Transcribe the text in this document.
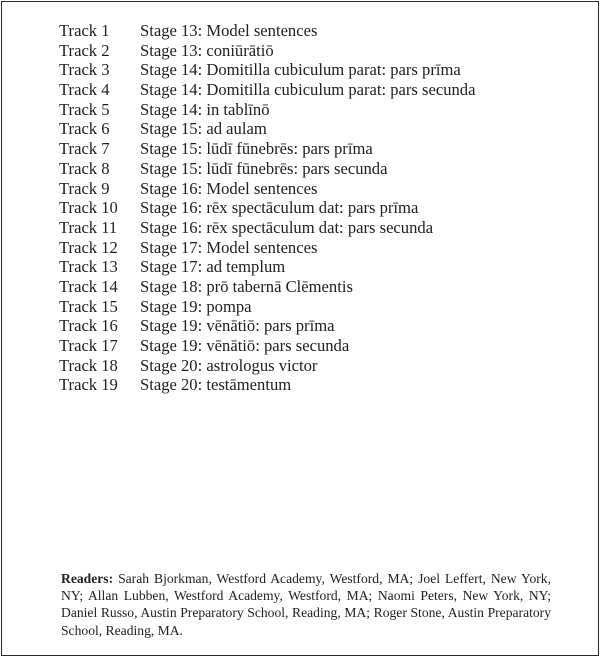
Track 1 Stage 13: Model sentences
Track 2 Stage 13: coniūrātiō
Track 3 Stage 14: Domitilla cubiculum parat: pars prīma
Track 4 Stage 14: Domitilla cubiculum parat: pars secunda
Track 5 Stage 14: in tablīnō
Track 6 Stage 15: ad aulam
Track 7 Stage 15: lūdī fūnebrēs: pars prīma
Track 8 Stage 15: lūdī fūnebrēs: pars secunda
Track 9 Stage 16: Model sentences
Track 10 Stage 16: rēx spectāculum dat: pars prīma
Track 11 Stage 16: rēx spectāculum dat: pars secunda
Track 12 Stage 17: Model sentences
Track 13 Stage 17: ad templum
Track 14 Stage 18: prō tabernā Clēmentis
Track 15 Stage 19: pompa
Track 16 Stage 19: vēnātiō: pars prīma
Track 17 Stage 19: vēnātiō: pars secunda
Track 18 Stage 20: astrologus victor
Track 19 Stage 20: testāmentum

Readers: Sarah Bjorkman, Westford Academy, Westford, MA; Joel Leffert, New York, NY; Allan Lubben, Westford Academy, Westford, MA; Naomi Peters, New York, NY; Daniel Russo, Austin Preparatory School, Reading, MA; Roger Stone, Austin Preparatory School, Reading, MA.
